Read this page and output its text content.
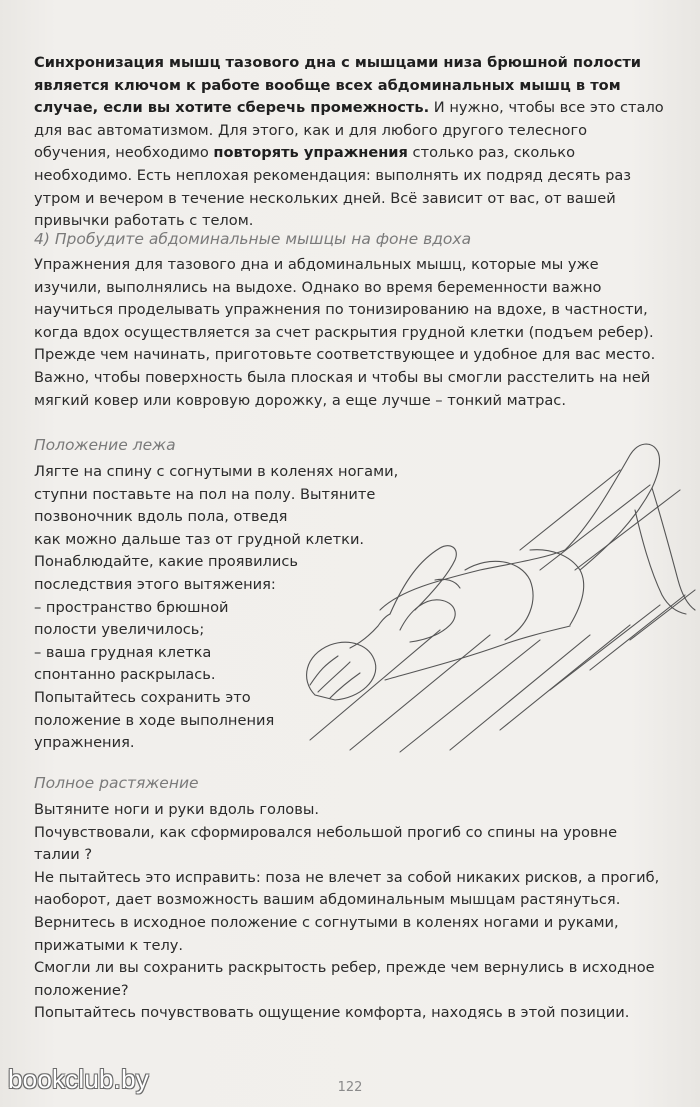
Синхронизация мышц тазового дна с мышцами низа брюшной полости является ключом к работе вообще всех абдоминальных мышц в том случае, если вы хотите сберечь промежность. И нужно, чтобы все это стало для вас автоматизмом. Для этого, как и для любого другого телесного обучения, необходимо повторять упражнения столько раз, сколько необходимо. Есть неплохая рекомендация: выполнять их подряд десять раз утром и вечером в течение нескольких дней. Всё зависит от вас, от вашей привычки работать с телом.

4) Пробудите абдоминальные мышцы на фоне вдоха

Упражнения для тазового дна и абдоминальных мышц, которые мы уже изучили, выполнялись на выдохе. Однако во время беременности важно научиться проделывать упражнения по тонизированию на вдохе, в частности, когда вдох осуществляется за счет раскрытия грудной клетки (подъем ребер). Прежде чем начинать, приготовьте соответствующее и удобное для вас место. Важно, чтобы поверхность была плоская и чтобы вы смогли расстелить на ней мягкий ковер или ковровую дорожку, а еще лучше – тонкий матрас.

Положение лежа
Лягте на спину с согнутыми в коленях ногами,
ступни поставьте на пол на полу. Вытяните
позвоночник вдоль пола, отведя
как можно дальше таз от грудной клетки.
Понаблюдайте, какие проявились
последствия этого вытяжения:
– пространство брюшной
полости увеличилось;
– ваша грудная клетка
спонтанно раскрылась.
Попытайтесь сохранить это
положение в ходе выполнения
упражнения.
Полное растяжение
Вытяните ноги и руки вдоль головы.
Почувствовали, как сформировался небольшой прогиб со спины на уровне талии ?
Не пытайтесь это исправить: поза не влечет за собой никаких рисков, а прогиб, наоборот, дает возможность вашим абдоминальным мышцам растянуться.
Вернитесь в исходное положение с согнутыми в коленях ногами и руками, прижатыми к телу.
Смогли ли вы сохранить раскрытость ребер, прежде чем вернулись в исходное положение?
Попытайтесь почувствовать ощущение комфорта, находясь в этой позиции.
122
bookclub.by
